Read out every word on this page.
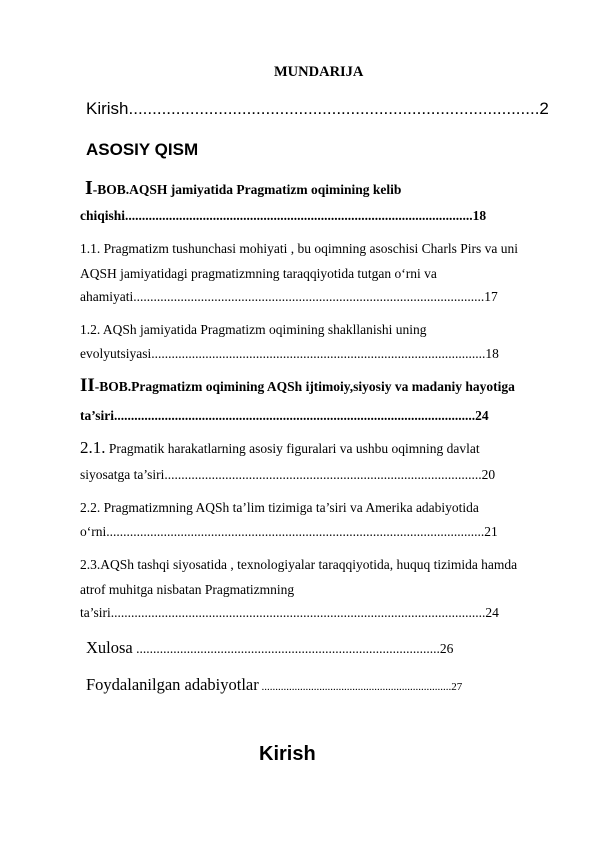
MUNDARIJA
Kirish.......................................................................................2
ASOSIY QISM
I-BOB.AQSH jamiyatida Pragmatizm oqimining kelib
chiqishi.......................................................................................................18
1.1. Pragmatizm tushunchasi mohiyati , bu oqimning asoschisi Charls Pirs va uni
AQSH jamiyatidagi pragmatizmning taraqqiyotida tutgan o‘rni va
ahamiyati........................................................................................................17
1.2. AQSh jamiyatida Pragmatizm oqimining shakllanishi uning
evolyutsiyasi...................................................................................................18
II-BOB.Pragmatizm oqimining AQSh ijtimoiy,siyosiy va madaniy hayotiga
ta’siri...........................................................................................................24
2.1. Pragmatik harakatlarning asosiy figuralari va ushbu oqimning davlat
siyosatga ta’siri..............................................................................................20
2.2. Pragmatizmning AQSh ta’lim tizimiga ta’siri va Amerika adabiyotida
o‘rni................................................................................................................21
2.3.AQSh tashqi siyosatida , texnologiyalar taraqqiyotida, huquq tizimida hamda
atrof muhitga nisbatan Pragmatizmning
ta’siri...............................................................................................................24
Xulosa ..........................................................................................26
Foydalanilgan adabiyotlar .....................................................................27
Kirish
